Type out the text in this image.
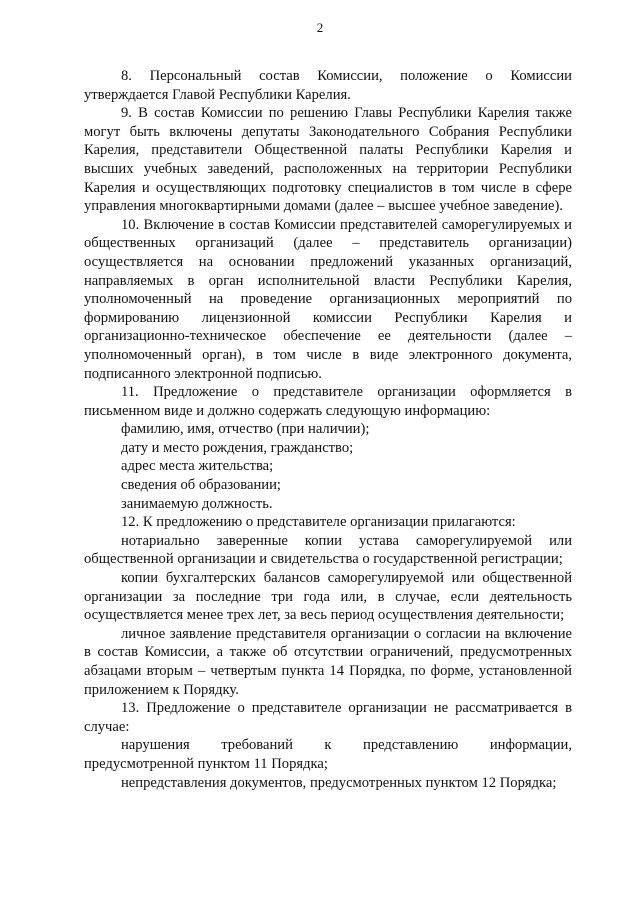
2

8. Персональный состав Комиссии, положение о Комиссии утверждается Главой Республики Карелия.

9. В состав Комиссии по решению Главы Республики Карелия также могут быть включены депутаты Законодательного Собрания Республики Карелия, представители Общественной палаты Республики Карелия и высших учебных заведений, расположенных на территории Республики Карелия и осуществляющих подготовку специалистов в том числе в сфере управления многоквартирными домами (далее – высшее учебное заведение).

10. Включение в состав Комиссии представителей саморегулируемых и общественных организаций (далее – представитель организации) осуществляется на основании предложений указанных организаций, направляемых в орган исполнительной власти Республики Карелия, уполномоченный на проведение организационных мероприятий по формированию лицензионной комиссии Республики Карелия и организационно-техническое обеспечение ее деятельности (далее – уполномоченный орган), в том числе в виде электронного документа, подписанного электронной подписью.

11. Предложение о представителе организации оформляется в письменном виде и должно содержать следующую информацию:

фамилию, имя, отчество (при наличии);

дату и место рождения, гражданство;

адрес места жительства;

сведения об образовании;

занимаемую должность.

12. К предложению о представителе организации прилагаются:

нотариально заверенные копии устава саморегулируемой или общественной организации и свидетельства о государственной регистрации;

копии бухгалтерских балансов саморегулируемой или общественной организации за последние три года или, в случае, если деятельность осуществляется менее трех лет, за весь период осуществления деятельности;

личное заявление представителя организации о согласии на включение в состав Комиссии, а также об отсутствии ограничений, предусмотренных абзацами вторым – четвертым пункта 14 Порядка, по форме, установленной приложением к Порядку.

13. Предложение о представителе организации не рассматривается в случае:

нарушения требований к представлению информации, предусмотренной пунктом 11 Порядка;

непредставления документов, предусмотренных пунктом 12 Порядка;
